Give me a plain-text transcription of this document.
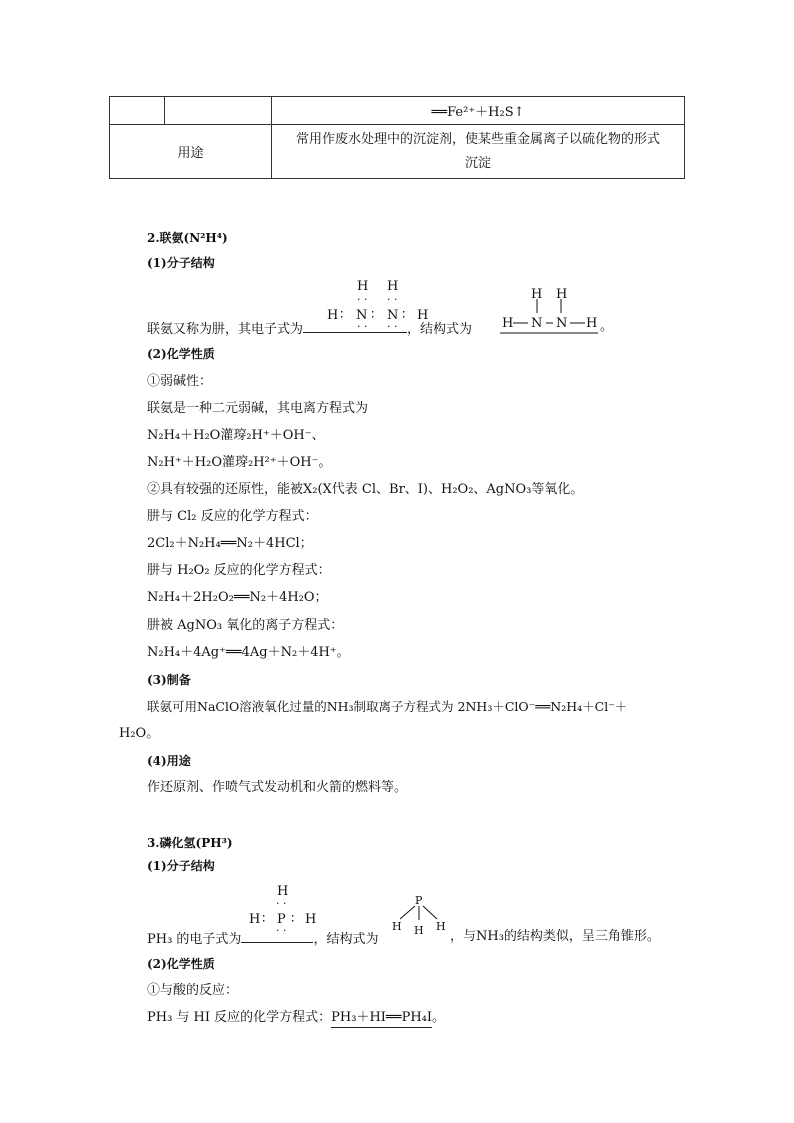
		══Fe²⁺＋H₂S↑
用途		常用作废水处理中的沉淀剂，使某些重金属离子以硫化物的形式
沉淀
2.联氨(N²H⁴)
(1)分子结构
H H
· · · ·
H ∶ N ∶ N ∶ H
· · · ·
联氨又称为肼，其电子式为	，结构式为
H H
H N N H 。
(2)化学性质
①弱碱性：
联氨是一种二元弱碱，其电离方程式为
N₂H₄＋H₂O灌瑏₂H⁺＋OH⁻、
N₂H⁺＋H₂O灌瑏₂H²⁺＋OH⁻。
②具有较强的还原性，能被X₂(X代表 Cl、Br、I)、H₂O₂、AgNO₃等氧化。
肼与 Cl₂ 反应的化学方程式：
2Cl₂＋N₂H₄══N₂＋4HCl；
肼与 H₂O₂ 反应的化学方程式：
N₂H₄＋2H₂O₂══N₂＋4H₂O；
肼被 AgNO₃ 氧化的离子方程式：
N₂H₄＋4Ag⁺══4Ag＋N₂＋4H⁺。
(3)制备
联氨可用NaClO溶液氧化过量的NH₃制取离子方程式为 2NH₃＋ClO⁻══N₂H₄＋Cl⁻＋
H₂O。
(4)用途
作还原剂、作喷气式发动机和火箭的燃料等。
3.磷化氢(PH³)
(1)分子结构
H
· ·
H ∶ P ∶ H
· ·
PH₃ 的电子式为	，结构式为
P
H H H
，与NH₃的结构类似，呈三角锥形。
(2)化学性质
①与酸的反应：
PH₃ 与 HI 反应的化学方程式：PH₃＋HI══PH₄I。
